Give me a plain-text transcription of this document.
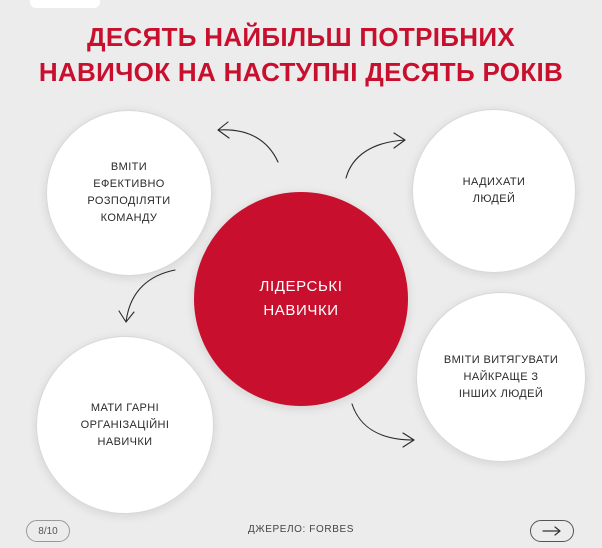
ДЕСЯТЬ НАЙБІЛЬШ ПОТРІБНИХ
НАВИЧОК НА НАСТУПНІ ДЕСЯТЬ РОКІВ
ВМІТИ
ЕФЕКТИВНО
РОЗПОДІЛЯТИ
КОМАНДУ
НАДИХАТИ
ЛЮДЕЙ
МАТИ ГАРНІ
ОРГАНІЗАЦІЙНІ
НАВИЧКИ
ВМІТИ ВИТЯГУВАТИ
НАЙКРАЩЕ З
ІНШИХ ЛЮДЕЙ
ЛІДЕРСЬКІ
НАВИЧКИ
8/10	ДЖЕРЕЛО: FORBES
